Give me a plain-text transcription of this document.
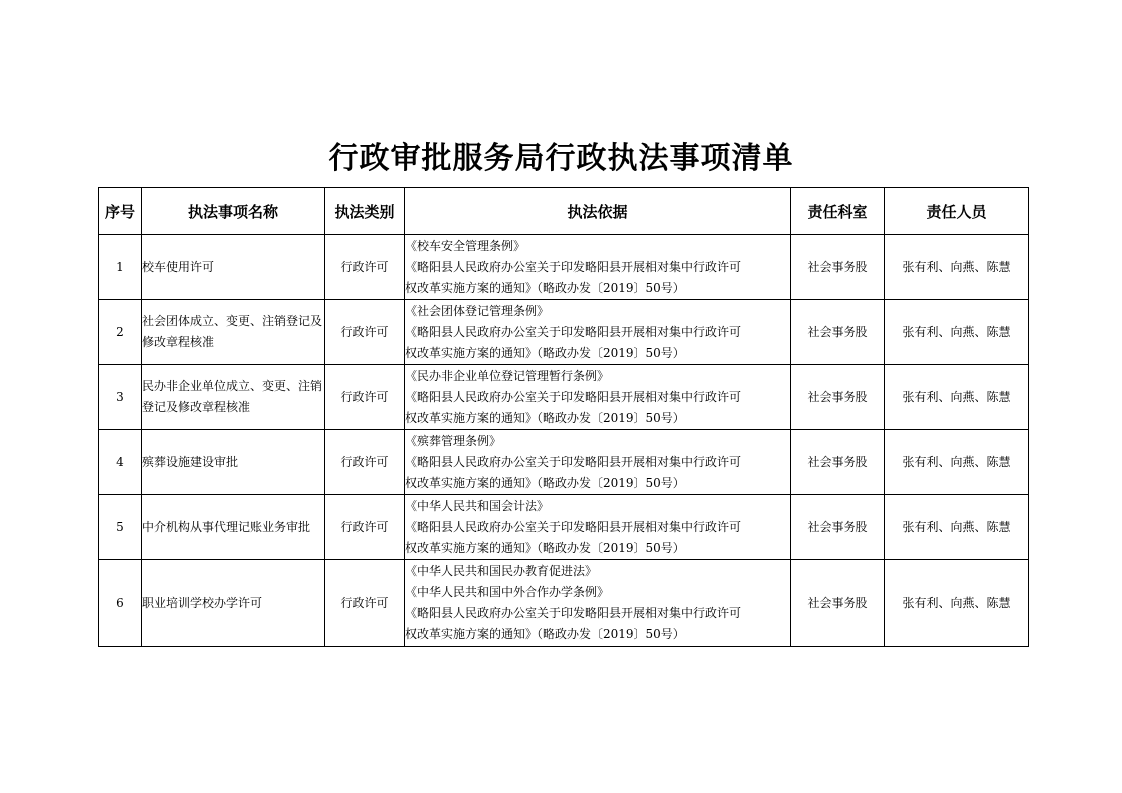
行政审批服务局行政执法事项清单
序号	执法事项名称	执法类别	执法依据	责任科室	责任人员
1	校车使用许可	行政许可	《校车安全管理条例》
《略阳县人民政府办公室关于印发略阳县开展相对集中行政许可
权改革实施方案的通知》（略政办发〔2019〕50号）	社会事务股	张有利、向燕、陈慧
2	社会团体成立、变更、注销登记及修改章程核准	行政许可	《社会团体登记管理条例》
《略阳县人民政府办公室关于印发略阳县开展相对集中行政许可
权改革实施方案的通知》（略政办发〔2019〕50号）	社会事务股	张有利、向燕、陈慧
3	民办非企业单位成立、变更、注销登记及修改章程核准	行政许可	《民办非企业单位登记管理暂行条例》
《略阳县人民政府办公室关于印发略阳县开展相对集中行政许可
权改革实施方案的通知》（略政办发〔2019〕50号）	社会事务股	张有利、向燕、陈慧
4	殡葬设施建设审批	行政许可	《殡葬管理条例》
《略阳县人民政府办公室关于印发略阳县开展相对集中行政许可
权改革实施方案的通知》（略政办发〔2019〕50号）	社会事务股	张有利、向燕、陈慧
5	中介机构从事代理记账业务审批	行政许可	《中华人民共和国会计法》
《略阳县人民政府办公室关于印发略阳县开展相对集中行政许可
权改革实施方案的通知》（略政办发〔2019〕50号）	社会事务股	张有利、向燕、陈慧
6	职业培训学校办学许可	行政许可	《中华人民共和国民办教育促进法》
《中华人民共和国中外合作办学条例》
《略阳县人民政府办公室关于印发略阳县开展相对集中行政许可
权改革实施方案的通知》（略政办发〔2019〕50号）	社会事务股	张有利、向燕、陈慧
